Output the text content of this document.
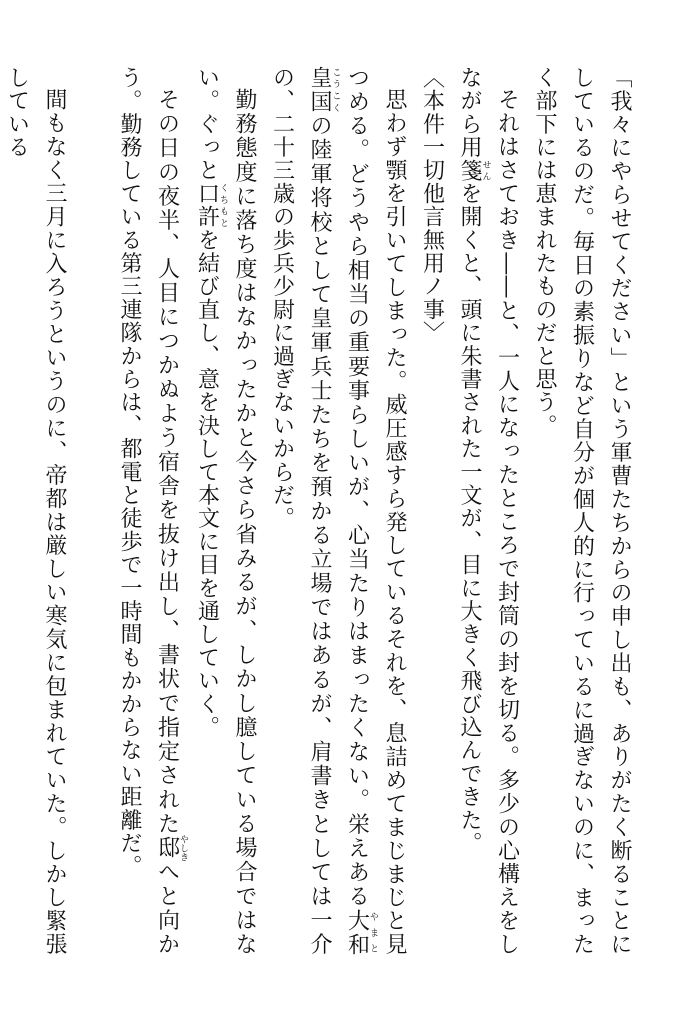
「我々にやらせてください」という軍曹たちからの申し出も、ありがたく断ることにしているのだ。毎日の素振りなど自分が個人的に行っているに過ぎないのに、まったく部下には恵まれたものだと思う。

それはさておき――と、一人になったところで封筒の封を切る。多少の心構えをしながら用箋せんを開くと、頭に朱書された一文が、目に大きく飛び込んできた。

〈本件一切他言無用ノ事〉

思わず顎を引いてしまった。威圧感すら発しているそれを、息詰めてまじまじと見つめる。どうやら相当の重要事らしいが、心当たりはまったくない。栄えある大和やまと皇国こうこくの陸軍将校として皇軍兵士たちを預かる立場ではあるが、肩書きとしては一介の、二十三歳の歩兵少尉に過ぎないからだ。

勤務態度に落ち度はなかったかと今さら省みるが、しかし臆している場合ではない。ぐっと口許くちもとを結び直し、意を決して本文に目を通していく。

その日の夜半、人目につかぬよう宿舎を抜け出し、書状で指定された邸やしきへと向かう。勤務している第三連隊からは、都電と徒歩で一時間もかからない距離だ。

間もなく三月に入ろうというのに、帝都は厳しい寒気に包まれていた。しかし緊張している
